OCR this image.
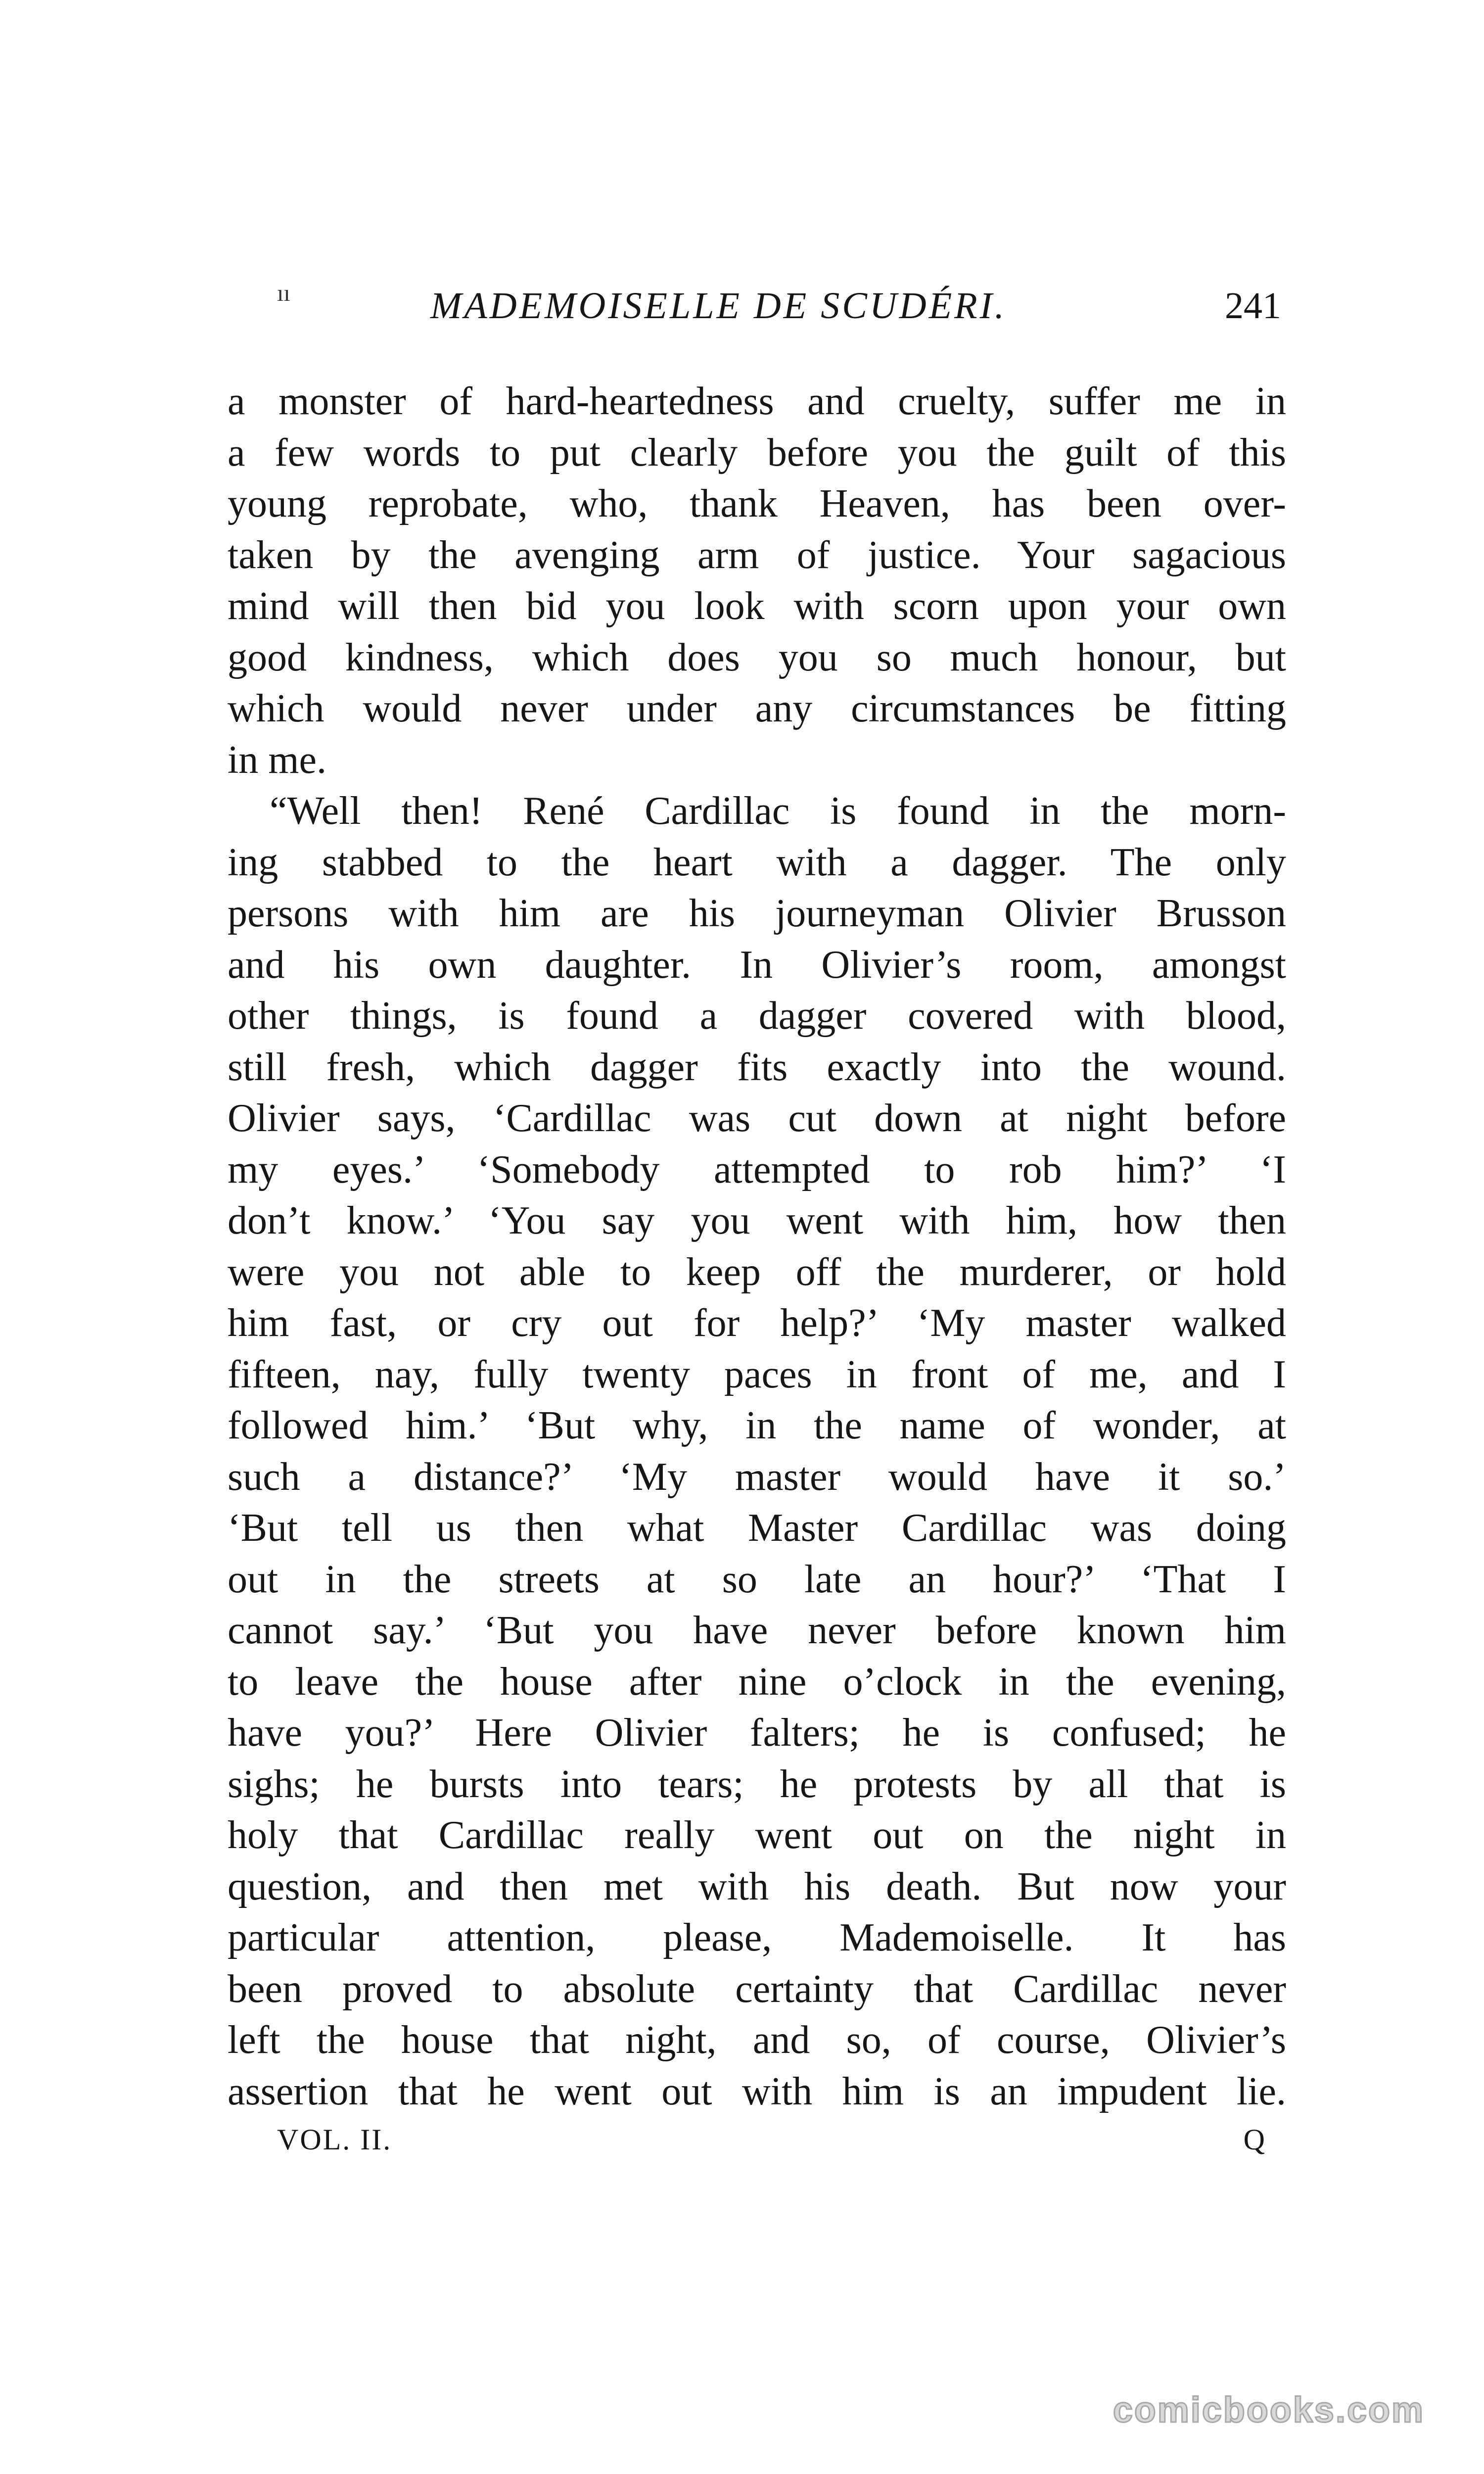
ıı	MADEMOISELLE DE SCUDÉRI.	241
a monster of hard-heartedness and cruelty, suffer me in
a few words to put clearly before you the guilt of this
young reprobate, who, thank Heaven, has been over-
taken by the avenging arm of justice. Your sagacious
mind will then bid you look with scorn upon your own
good kindness, which does you so much honour, but
which would never under any circumstances be fitting
in me.
“Well then! René Cardillac is found in the morn-
ing stabbed to the heart with a dagger. The only
persons with him are his journeyman Olivier Brusson
and his own daughter. In Olivier’s room, amongst
other things, is found a dagger covered with blood,
still fresh, which dagger fits exactly into the wound.
Olivier says, ‘Cardillac was cut down at night before
my eyes.’ ‘Somebody attempted to rob him?’ ‘I
don’t know.’ ‘You say you went with him, how then
were you not able to keep off the murderer, or hold
him fast, or cry out for help?’ ‘My master walked
fifteen, nay, fully twenty paces in front of me, and I
followed him.’ ‘But why, in the name of wonder, at
such a distance?’ ‘My master would have it so.’
‘But tell us then what Master Cardillac was doing
out in the streets at so late an hour?’ ‘That I
cannot say.’ ‘But you have never before known him
to leave the house after nine o’clock in the evening,
have you?’ Here Olivier falters; he is confused; he
sighs; he bursts into tears; he protests by all that is
holy that Cardillac really went out on the night in
question, and then met with his death. But now your
particular attention, please, Mademoiselle. It has
been proved to absolute certainty that Cardillac never
left the house that night, and so, of course, Olivier’s
assertion that he went out with him is an impudent lie.
VOL. II.	Q
comicbooks.com
